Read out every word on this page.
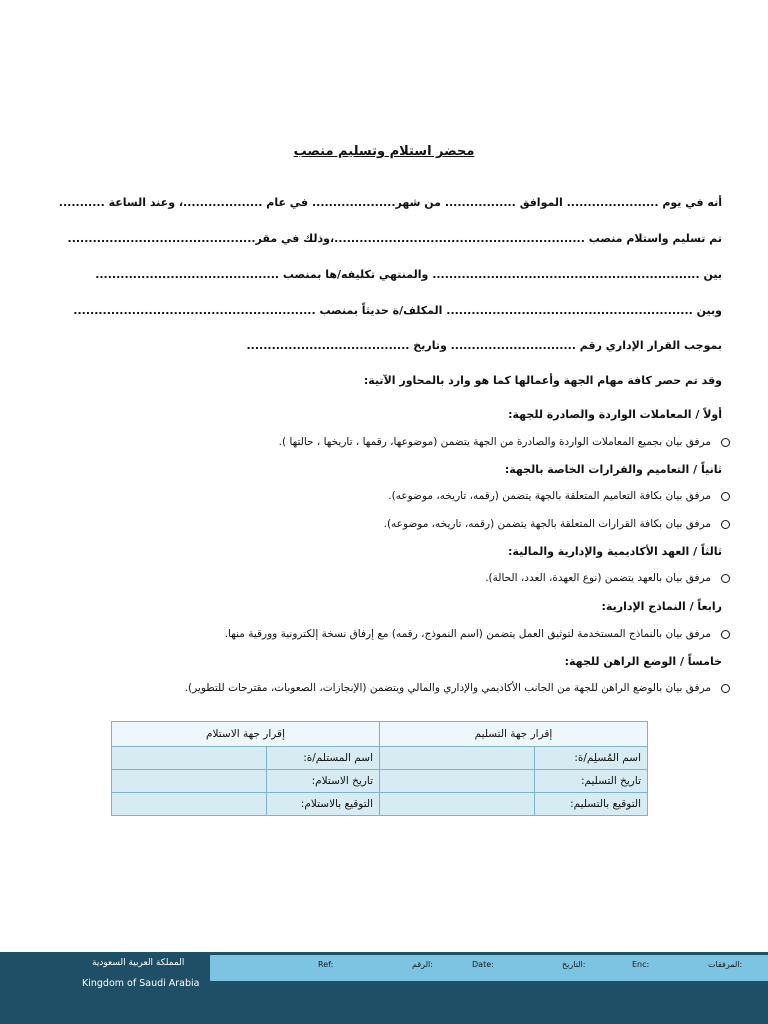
محضر استلام وتسليم منصب
أنه في يوم ...................... الموافق ................. من شهر.................... في عام ...................، وعند الساعة ...........
تم تسليم واستلام منصب ............................................................،وذلك في مقر.............................................
بين ................................................................ والمنتهي تكليفه/ها بمنصب ............................................
وبين ........................................................... المكلف/ة حديثاً بمنصب ..........................................................
بموجب القرار الإداري رقم .............................. وتاريخ .......................................
وقد تم حصر كافة مهام الجهة وأعمالها كما هو وارد بالمحاور الآتية:
أولاً / المعاملات الواردة والصادرة للجهة:
مرفق بيان بجميع المعاملات الواردة والصادرة من الجهة يتضمن (موضوعها، رقمها ، تاريخها ، حالتها ).
ثانياً / التعاميم والقرارات الخاصة بالجهة:
مرفق بيان بكافة التعاميم المتعلقة بالجهة يتضمن (رقمه، تاريخه، موضوعه).
مرفق بيان بكافة القرارات المتعلقة بالجهة يتضمن (رقمه، تاريخه، موضوعه).
ثالثاً / العهد الأكاديمية والإدارية والمالية:
مرفق بيان بالعهد يتضمن (نوع العهدة، العدد، الحالة).
رابعاً / النماذج الإدارية:
مرفق بيان بالنماذج المستخدمة لتوثيق العمل يتضمن (اسم النموذج، رقمه) مع إرفاق نسخة إلكترونية وورقية منها.
خامساً / الوضع الراهن للجهة:
مرفق بيان بالوضع الراهن للجهة من الجانب الأكاديمي والإداري والمالي ويتضمن (الإنجازات، الصعوبات، مقترحات للتطوير).
إقرار جهة التسليم		إقرار جهة الاستلام	
اسم المُسلِم/ة:		اسم المستلم/ة:	
تاريخ التسليم:		تاريخ الاستلام:	
التوقيع بالتسليم:		التوقيع بالاستلام:	
المرفقات:
Enc:
التاريخ:
Date:
الرقم:
Ref:
المملكة العربية السعودية
Kingdom of Saudi Arabia
